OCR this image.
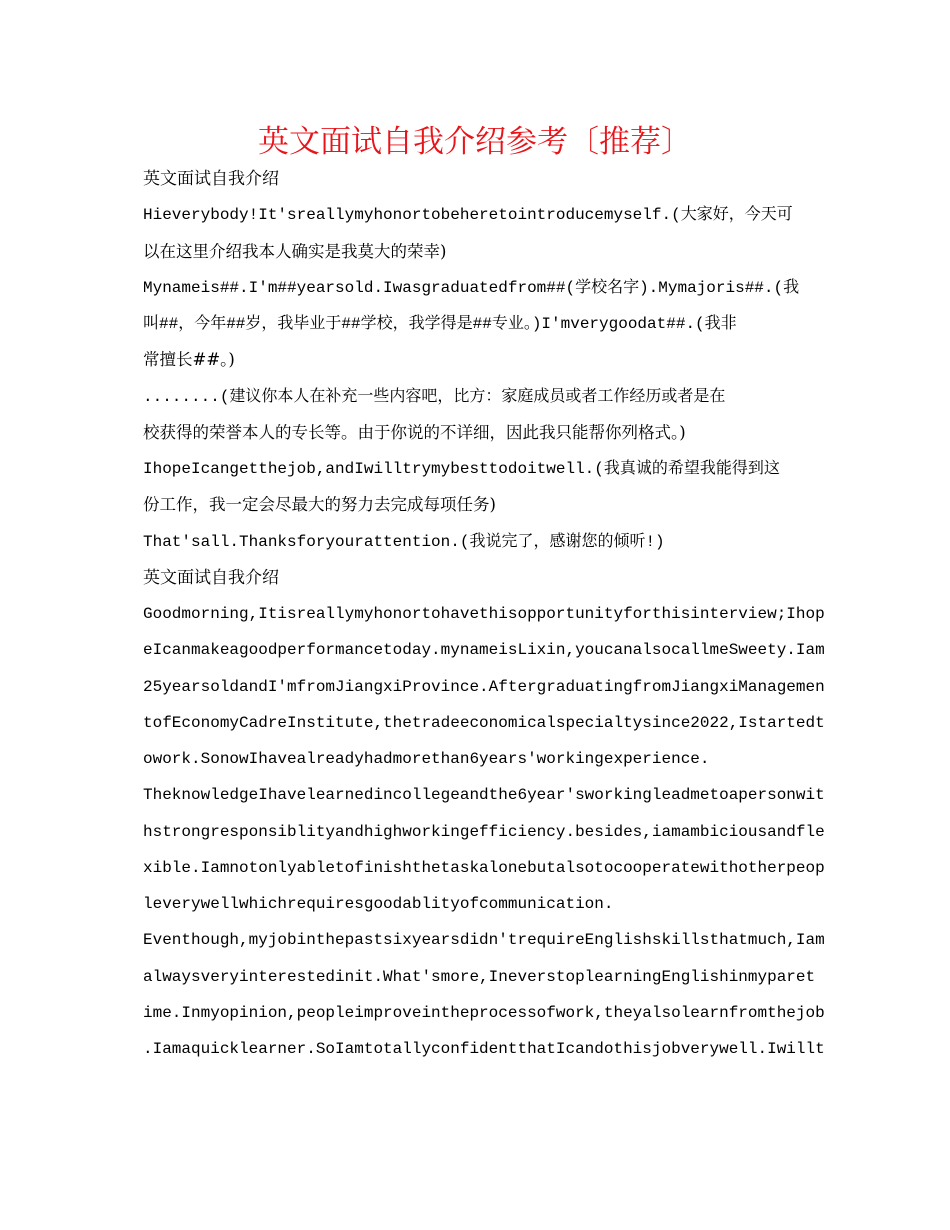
英文面试自我介绍参考〔推荐〕
英文面试自我介绍
Hieverybody!It'sreallymyhonortobeheretointroducemyself.(大家好，今天可
以在这里介绍我本人确实是我莫大的荣幸)
Mynameis##.I'm##yearsold.Iwasgraduatedfrom##(学校名字).Mymajoris##.(我
叫##，今年##岁，我毕业于##学校，我学得是##专业。)I'mverygoodat##.(我非
常擅长##。)
........(建议你本人在补充一些内容吧，比方：家庭成员或者工作经历或者是在
校获得的荣誉本人的专长等。由于你说的不详细，因此我只能帮你列格式。)
IhopeIcangetthejob,andIwilltrymybesttodoitwell.(我真诚的希望我能得到这
份工作，我一定会尽最大的努力去完成每项任务)
That'sall.Thanksforyourattention.(我说完了，感谢您的倾听!)
英文面试自我介绍
Goodmorning,Itisreallymyhonortohavethisopportunityforthisinterview;Ihop
eIcanmakeagoodperformancetoday.mynameisLixin,youcanalsocallmeSweety.Iam
25yearsoldandI'mfromJiangxiProvince.AftergraduatingfromJiangxiManagemen
tofEconomyCadreInstitute,thetradeeconomicalspecialtysince2022,Istartedt
owork.SonowIhavealreadyhadmorethan6years'workingexperience.
TheknowledgeIhavelearnedincollegeandthe6year'sworkingleadmetoapersonwit
hstrongresponsiblityandhighworkingefficiency.besides,iamambiciousandfle
xible.Iamnotonlyabletofinishthetaskalonebutalsotocooperatewithotherpeop
leverywellwhichrequiresgoodablityofcommunication.
Eventhough,myjobinthepastsixyearsdidn'trequireEnglishskillsthatmuch,Iam
alwaysveryinterestedinit.What'smore,IneverstoplearningEnglishinmyparet
ime.Inmyopinion,peopleimproveintheprocessofwork,theyalsolearnfromthejob
.Iamaquicklearner.SoIamtotallyconfidentthatIcandothisjobverywell.Iwillt
